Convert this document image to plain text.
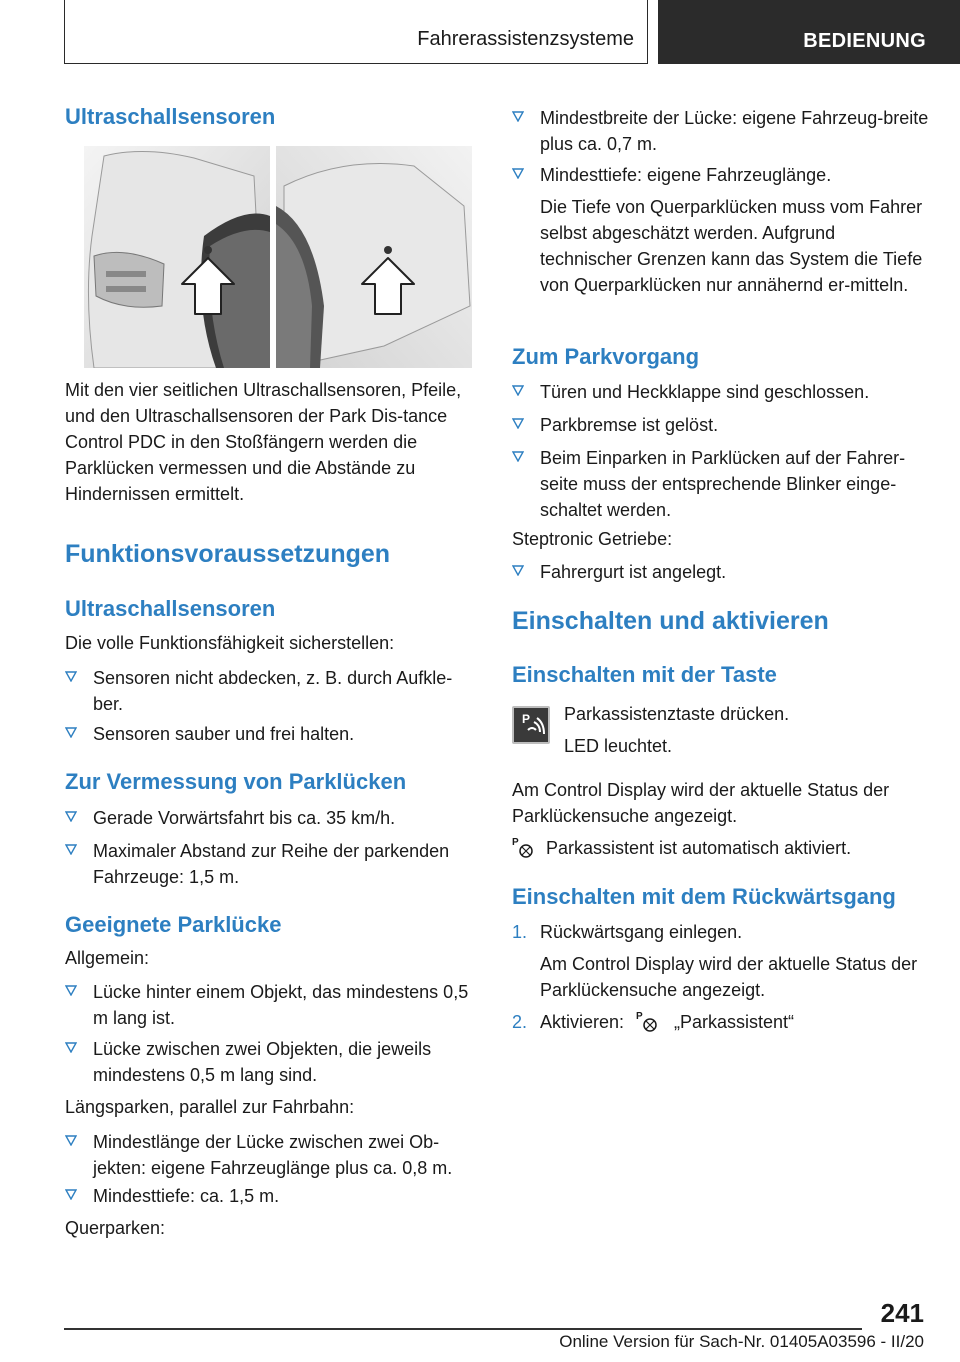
Fahrerassistenzsysteme	BEDIENUNG
Ultraschallsensoren
Mit den vier seitlichen Ultraschallsensoren, Pfeile, und den Ultraschallsensoren der Park Dis-tance Control PDC in den Stoßfängern werden die Parklücken vermessen und die Abstände zu Hindernissen ermittelt.
Funktionsvoraussetzungen
Ultraschallsensoren
Die volle Funktionsfähigkeit sicherstellen:
Sensoren nicht abdecken, z. B. durch Aufkle-ber.
Sensoren sauber und frei halten.
Zur Vermessung von Parklücken
Gerade Vorwärtsfahrt bis ca. 35 km/h.
Maximaler Abstand zur Reihe der parkenden Fahrzeuge: 1,5 m.
Geeignete Parklücke
Allgemein:
Lücke hinter einem Objekt, das mindestens 0,5 m lang ist.
Lücke zwischen zwei Objekten, die jeweils mindestens 0,5 m lang sind.
Längsparken, parallel zur Fahrbahn:
Mindestlänge der Lücke zwischen zwei Ob-jekten: eigene Fahrzeuglänge plus ca. 0,8 m.
Mindesttiefe: ca. 1,5 m.
Querparken:
Mindestbreite der Lücke: eigene Fahrzeug-breite plus ca. 0,7 m.
Mindesttiefe: eigene Fahrzeuglänge.
Die Tiefe von Querparklücken muss vom Fahrer selbst abgeschätzt werden. Aufgrund technischer Grenzen kann das System die Tiefe von Querparklücken nur annähernd er-mitteln.
Zum Parkvorgang
Türen und Heckklappe sind geschlossen.
Parkbremse ist gelöst.
Beim Einparken in Parklücken auf der Fahrer-seite muss der entsprechende Blinker einge-schaltet werden.
Steptronic Getriebe:
Fahrergurt ist angelegt.
Einschalten und aktivieren
Einschalten mit der Taste
P Parkassistenztaste drücken.
LED leuchtet.
Am Control Display wird der aktuelle Status der Parklückensuche angezeigt.
P Parkassistent ist automatisch aktiviert.
Einschalten mit dem Rückwärtsgang
1. Rückwärtsgang einlegen.
Am Control Display wird der aktuelle Status der Parklückensuche angezeigt.
2. Aktivieren: P „Parkassistent“
241
Online Version für Sach-Nr. 01405A03596 - II/20
